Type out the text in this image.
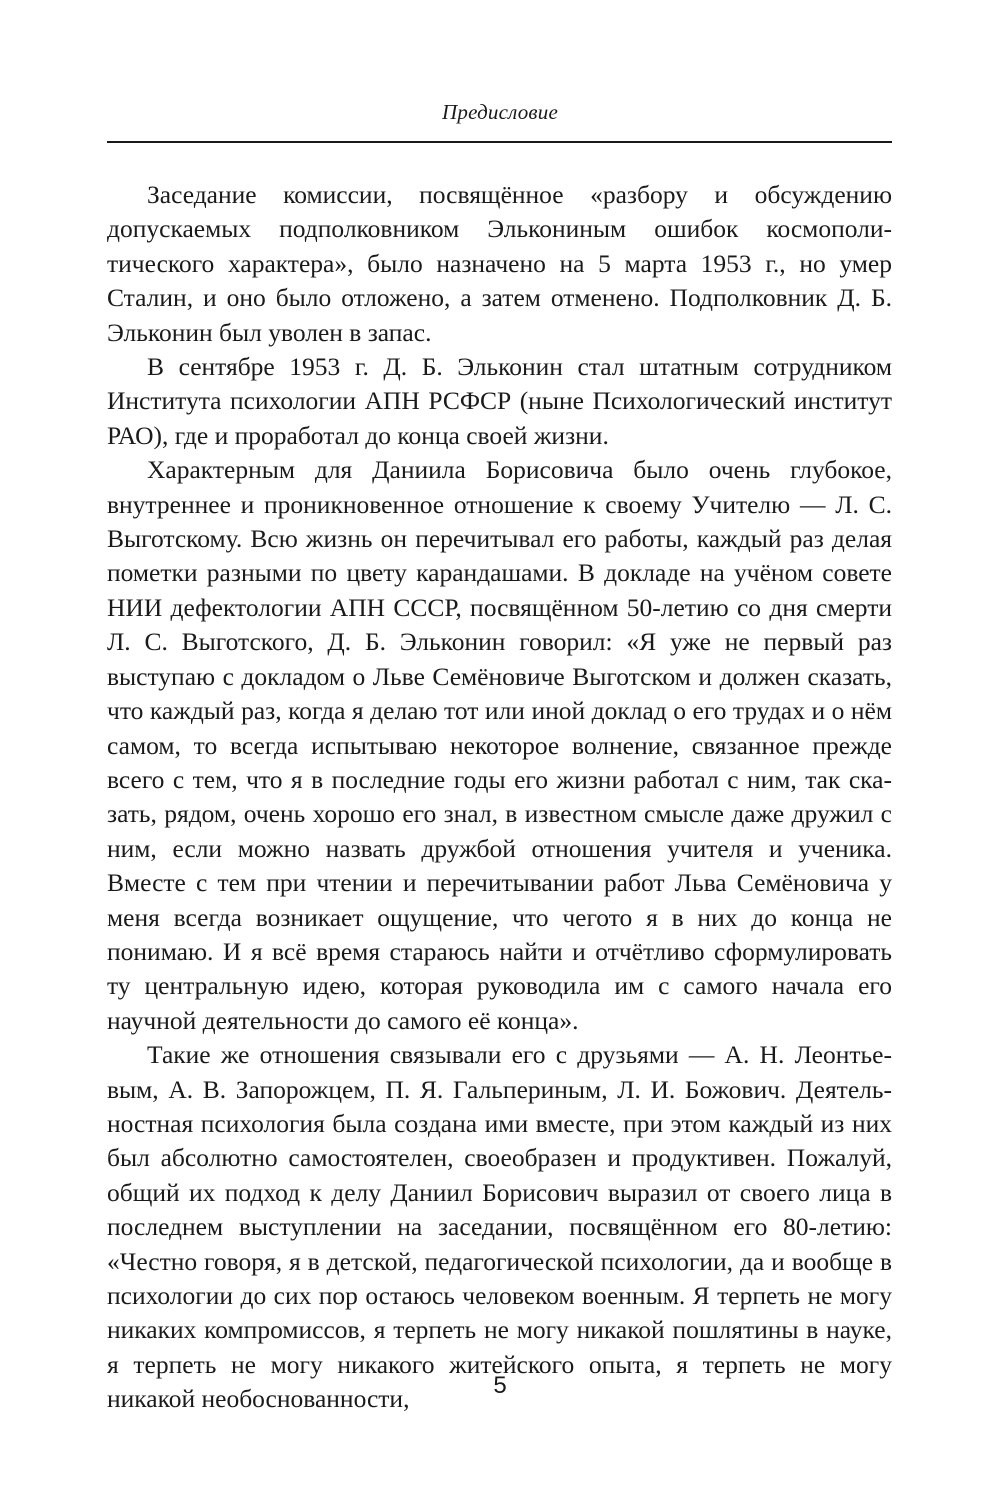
Предисловие

Заседание комиссии, посвящённое «разбору и обсуждению допускаемых подполковником Элькониным ошибок космополитического характера», было назначено на 5 марта 1953 г., но умер Сталин, и оно было отложено, а затем отменено. Подполковник Д. Б. Эльконин был уволен в запас.

В сентябре 1953 г. Д. Б. Эльконин стал штатным сотрудником Института психологии АПН РСФСР (ныне Психологический институт РАО), где и проработал до конца своей жизни.

Характерным для Даниила Борисовича было очень глубокое, внутреннее и проникновенное отношение к своему Учителю — Л. С. Выготскому. Всю жизнь он перечитывал его работы, каждый раз делая пометки разными по цвету карандашами. В докладе на учёном совете НИИ дефектологии АПН СССР, посвящённом 50-летию со дня смерти Л. С. Выготского, Д. Б. Эльконин говорил: «Я уже не первый раз выступаю с докладом о Льве Семёновиче Выготском и должен сказать, что каждый раз, когда я делаю тот или иной доклад о его трудах и о нём самом, то всегда испытываю некоторое волнение, связанное прежде всего с тем, что я в последние годы его жизни работал с ним, так сказать, рядом, очень хорошо его знал, в известном смысле даже дружил с ним, если можно назвать дружбой отношения учителя и ученика. Вместе с тем при чтении и перечитывании работ Льва Семёновича у меня всегда возникает ощущение, что чегото я в них до конца не понимаю. И я всё время стараюсь найти и отчётливо сформулировать ту центральную идею, которая руководила им с самого начала его научной деятельности до самого её конца».

Такие же отношения связывали его с друзьями — А. Н. Леонтьевым, А. В. Запорожцем, П. Я. Гальпериным, Л. И. Божович. Деятельностная психология была создана ими вместе, при этом каждый из них был абсолютно самостоятелен, своеобразен и продуктивен. Пожалуй, общий их подход к делу Даниил Борисович выразил от своего лица в последнем выступлении на заседании, посвящённом его 80-летию: «Честно говоря, я в детской, педагогической психологии, да и вообще в психологии до сих пор остаюсь человеком военным. Я терпеть не могу никаких компромиссов, я терпеть не могу никакой пошлятины в науке, я терпеть не могу никакого житейского опыта, я терпеть не могу никакой необоснованности,	5
